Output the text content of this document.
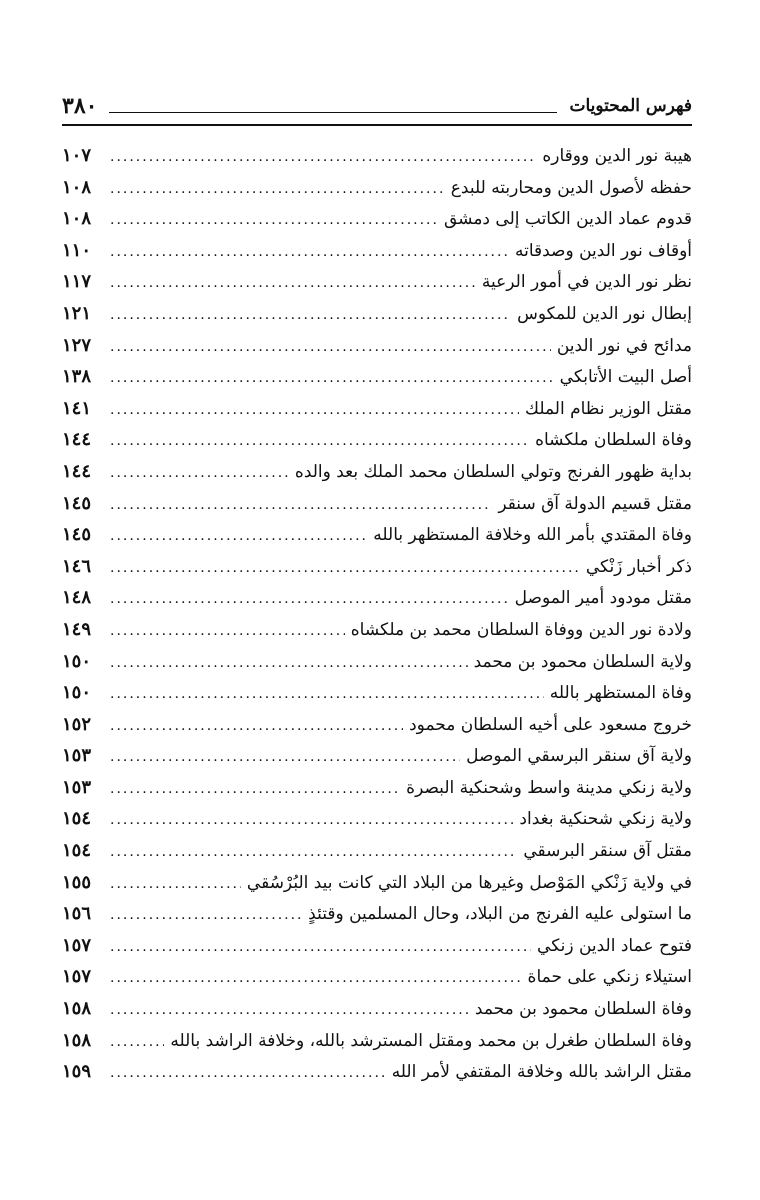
فهرس المحتويات
٣٨٠
هيبة نور الدين ووقاره
.....
١٠٧
حفظه لأصول الدين ومحاربته للبدع
.....
١٠٨
قدوم عماد الدين الكاتب إلى دمشق
.....
١٠٨
أوقاف نور الدين وصدقاته
.....
١١٠
نظر نور الدين في أمور الرعية
.....
١١٧
إبطال نور الدين للمكوس
.....
١٢١
مدائح في نور الدين
.....
١٢٧
أصل البيت الأتابكي
.....
١٣٨
مقتل الوزير نظام الملك
.....
١٤١
وفاة السلطان ملكشاه
.....
١٤٤
بداية ظهور الفرنج وتولي السلطان محمد الملك بعد والده
.....
١٤٤
مقتل قسيم الدولة آق سنقر
.....
١٤٥
وفاة المقتدي بأمر الله وخلافة المستظهر بالله
.....
١٤٥
ذكر أخبار زَنْكي
.....
١٤٦
مقتل مودود أمير الموصل
.....
١٤٨
ولادة نور الدين ووفاة السلطان محمد بن ملكشاه
.....
١٤٩
ولاية السلطان محمود بن محمد
.....
١٥٠
وفاة المستظهر بالله
.....
١٥٠
خروج مسعود على أخيه السلطان محمود
.....
١٥٢
ولاية آق سنقر البرسقي الموصل
.....
١٥٣
ولاية زنكي مدينة واسط وشحنكية البصرة
.....
١٥٣
ولاية زنكي شحنكية بغداد
.....
١٥٤
مقتل آق سنقر البرسقي
.....
١٥٤
في ولاية زَنْكي المَوْصل وغيرها من البلاد التي كانت بيد البُرْسُقي
.....
١٥٥
ما استولى عليه الفرنج من البلاد، وحال المسلمين وقتئذٍ
.....
١٥٦
فتوح عماد الدين زنكي
.....
١٥٧
استيلاء زنكي على حماة
.....
١٥٧
وفاة السلطان محمود بن محمد
.....
١٥٨
وفاة السلطان طغرل بن محمد ومقتل المسترشد بالله، وخلافة الراشد بالله
.....
١٥٨
مقتل الراشد بالله وخلافة المقتفي لأمر الله
.....
١٥٩
